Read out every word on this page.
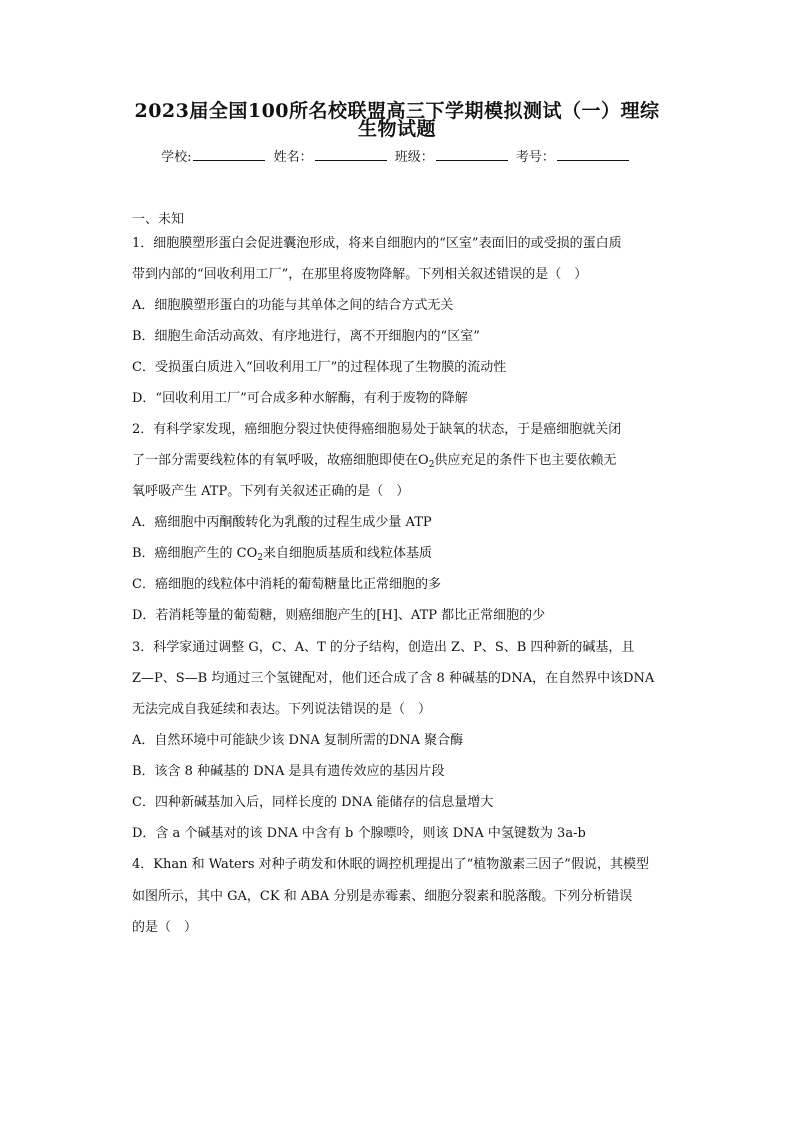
2023届全国100所名校联盟高三下学期模拟测试（一）理综
生物试题
学校:	姓名：	班级：	考号：
一、未知
1．细胞膜塑形蛋白会促进囊泡形成，将来自细胞内的“区室”表面旧的或受损的蛋白质
带到内部的“回收利用工厂”，在那里将废物降解。下列相关叙述错误的是（　）
A．细胞膜塑形蛋白的功能与其单体之间的结合方式无关
B．细胞生命活动高效、有序地进行，离不开细胞内的“区室”
C．受损蛋白质进入“回收利用工厂”的过程体现了生物膜的流动性
D．“回收利用工厂”可合成多种水解酶，有利于废物的降解
2．有科学家发现，癌细胞分裂过快使得癌细胞易处于缺氧的状态，于是癌细胞就关闭
了一部分需要线粒体的有氧呼吸，故癌细胞即使在$O_2$供应充足的条件下也主要依赖无
氧呼吸产生 ATP。下列有关叙述正确的是（　）
A．癌细胞中丙酮酸转化为乳酸的过程生成少量 ATP
B．癌细胞产生的 $CO_2$来自细胞质基质和线粒体基质
C．癌细胞的线粒体中消耗的葡萄糖量比正常细胞的多
D．若消耗等量的葡萄糖，则癌细胞产生的[H]、ATP 都比正常细胞的少
3．科学家通过调整 G，C、A、T 的分子结构，创造出 Z、P、S、B 四种新的碱基，且
Z—P、S—B 均通过三个氢键配对，他们还合成了含 8 种碱基的DNA，在自然界中该DNA
无法完成自我延续和表达。下列说法错误的是（　）
A．自然环境中可能缺少该 DNA 复制所需的DNA 聚合酶
B．该含 8 种碱基的 DNA 是具有遗传效应的基因片段
C．四种新碱基加入后，同样长度的 DNA 能储存的信息量增大
D．含 a 个碱基对的该 DNA 中含有 b 个腺嘌呤，则该 DNA 中氢键数为 3a-b
4．Khan 和 Waters 对种子萌发和休眠的调控机理提出了“植物激素三因子”假说，其模型
如图所示，其中 GA，CK 和 ABA 分别是赤霉素、细胞分裂素和脱落酸。下列分析错误
的是（　）
